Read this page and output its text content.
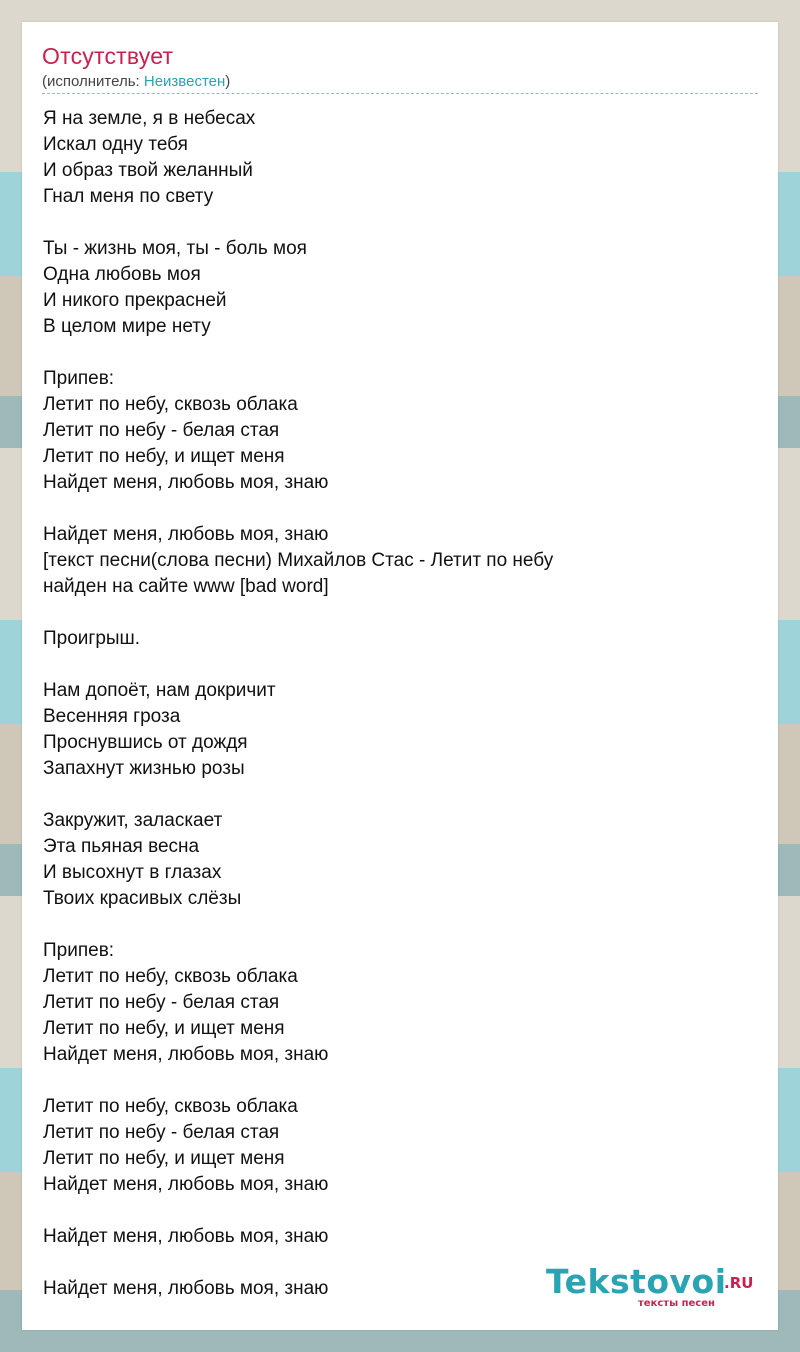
Отсутствует
(исполнитель: Неизвестен)
Я на земле, я в небесах
Искал одну тебя
И образ твой желанный
Гнал меня по свету
Ты - жизнь моя, ты - боль моя
Одна любовь моя
И никого прекрасней
В целом мире нету
Припев:
Летит по небу, сквозь облака
Летит по небу - белая стая
Летит по небу, и ищет меня
Найдет меня, любовь моя, знаю
Найдет меня, любовь моя, знаю
[текст песни(слова песни) Михайлов Стас - Летит по небу
найден на сайте www [bad word]
Проигрыш.
Нам допоёт, нам докричит
Весенняя гроза
Проснувшись от дождя
Запахнут жизнью розы
Закружит, заласкает
Эта пьяная весна
И высохнут в глазах
Твоих красивых слёзы
Припев:
Летит по небу, сквозь облака
Летит по небу - белая стая
Летит по небу, и ищет меня
Найдет меня, любовь моя, знаю
Летит по небу, сквозь облака
Летит по небу - белая стая
Летит по небу, и ищет меня
Найдет меня, любовь моя, знаю
Найдет меня, любовь моя, знаю
Найдет меня, любовь моя, знаю	Tekstovoi
.RU
тексты песен
